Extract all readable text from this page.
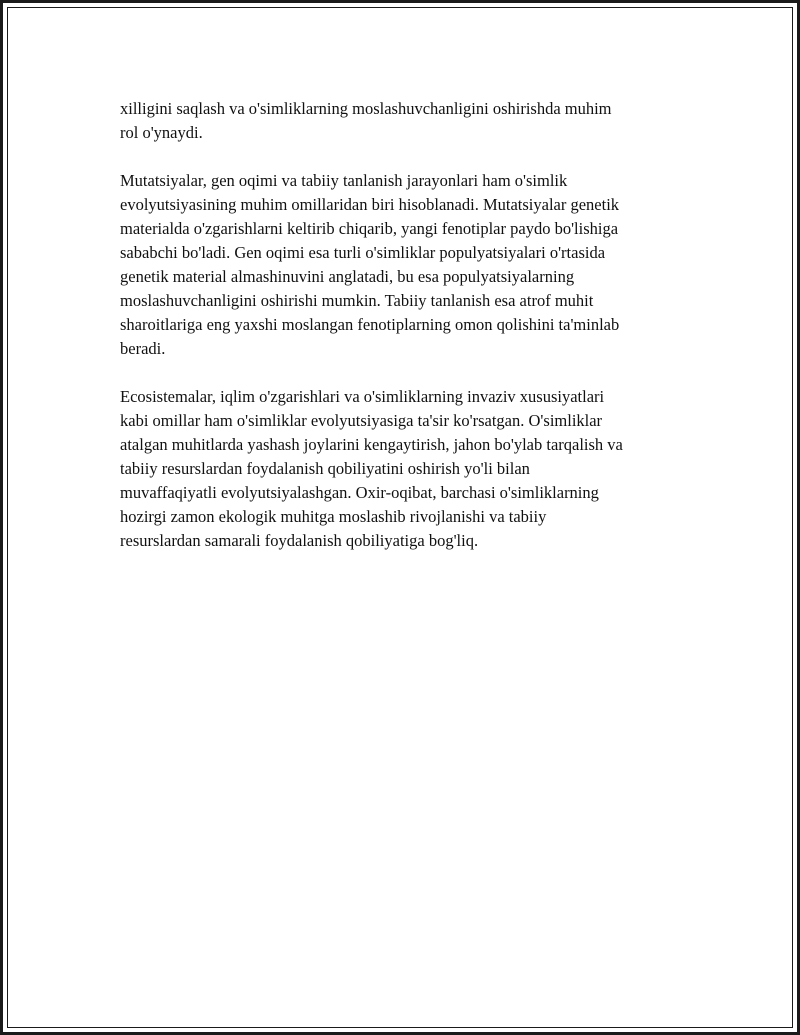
xilligini saqlash va o'simliklarning moslashuvchanligini oshirishda muhim
rol o'ynaydi.

Mutatsiyalar, gen oqimi va tabiiy tanlanish jarayonlari ham o'simlik
evolyutsiyasining muhim omillaridan biri hisoblanadi. Mutatsiyalar genetik
materialda o'zgarishlarni keltirib chiqarib, yangi fenotiplar paydo bo'lishiga
sababchi bo'ladi. Gen oqimi esa turli o'simliklar populyatsiyalari o'rtasida
genetik material almashinuvini anglatadi, bu esa populyatsiyalarning
moslashuvchanligini oshirishi mumkin. Tabiiy tanlanish esa atrof muhit
sharoitlariga eng yaxshi moslangan fenotiplarning omon qolishini ta'minlab
beradi.

Ecosistemalar, iqlim o'zgarishlari va o'simliklarning invaziv xususiyatlari
kabi omillar ham o'simliklar evolyutsiyasiga ta'sir ko'rsatgan. O'simliklar
atalgan muhitlarda yashash joylarini kengaytirish, jahon bo'ylab tarqalish va
tabiiy resurslardan foydalanish qobiliyatini oshirish yo'li bilan
muvaffaqiyatli evolyutsiyalashgan. Oxir-oqibat, barchasi o'simliklarning
hozirgi zamon ekologik muhitga moslashib rivojlanishi va tabiiy
resurslardan samarali foydalanish qobiliyatiga bog'liq.
